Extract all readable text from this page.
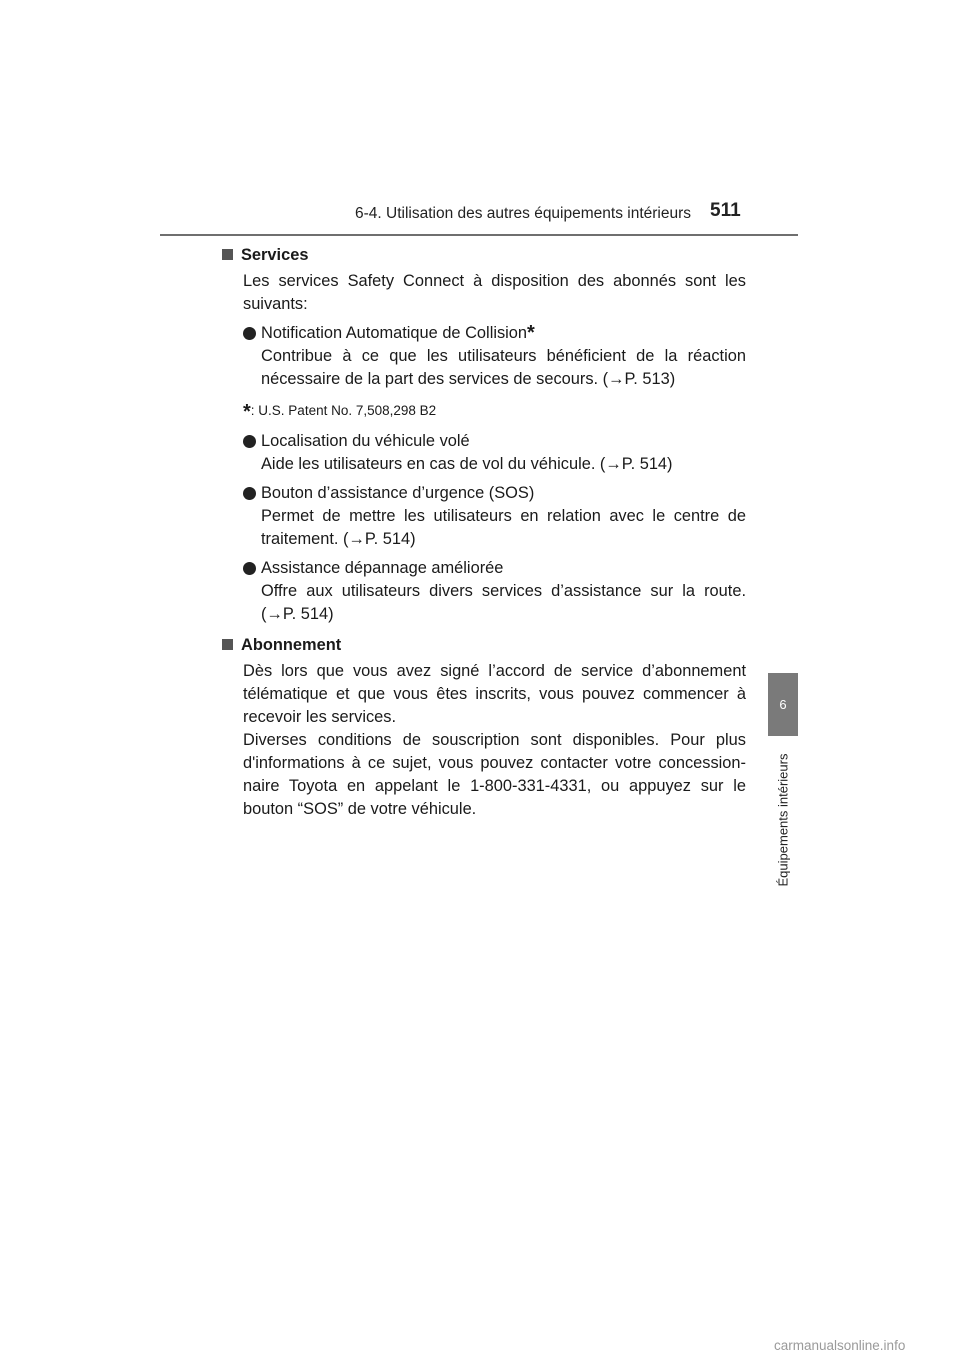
6-4. Utilisation des autres équipements intérieurs 511
6
Équipements intérieurs
Services
Les services Safety Connect à disposition des abonnés sont les
suivants:
Notification Automatique de Collision*
Contribue à ce que les utilisateurs bénéficient de la réaction
nécessaire de la part des services de secours. (→P. 513)
*: U.S. Patent No. 7,508,298 B2
Localisation du véhicule volé
Aide les utilisateurs en cas de vol du véhicule. (→P. 514)
Bouton d’assistance d’urgence (SOS)
Permet de mettre les utilisateurs en relation avec le centre de
traitement. (→P. 514)
Assistance dépannage améliorée
Offre aux utilisateurs divers services d’assistance sur la route.
(→P. 514)
Abonnement
Dès lors que vous avez signé l’accord de service d’abonnement
télématique et que vous êtes inscrits, vous pouvez commencer à
recevoir les services.
Diverses conditions de souscription sont disponibles. Pour plus
d'informations à ce sujet, vous pouvez contacter votre concession-
naire Toyota en appelant le 1-800-331-4331, ou appuyez sur le
bouton “SOS” de votre véhicule.
carmanualsonline.info
